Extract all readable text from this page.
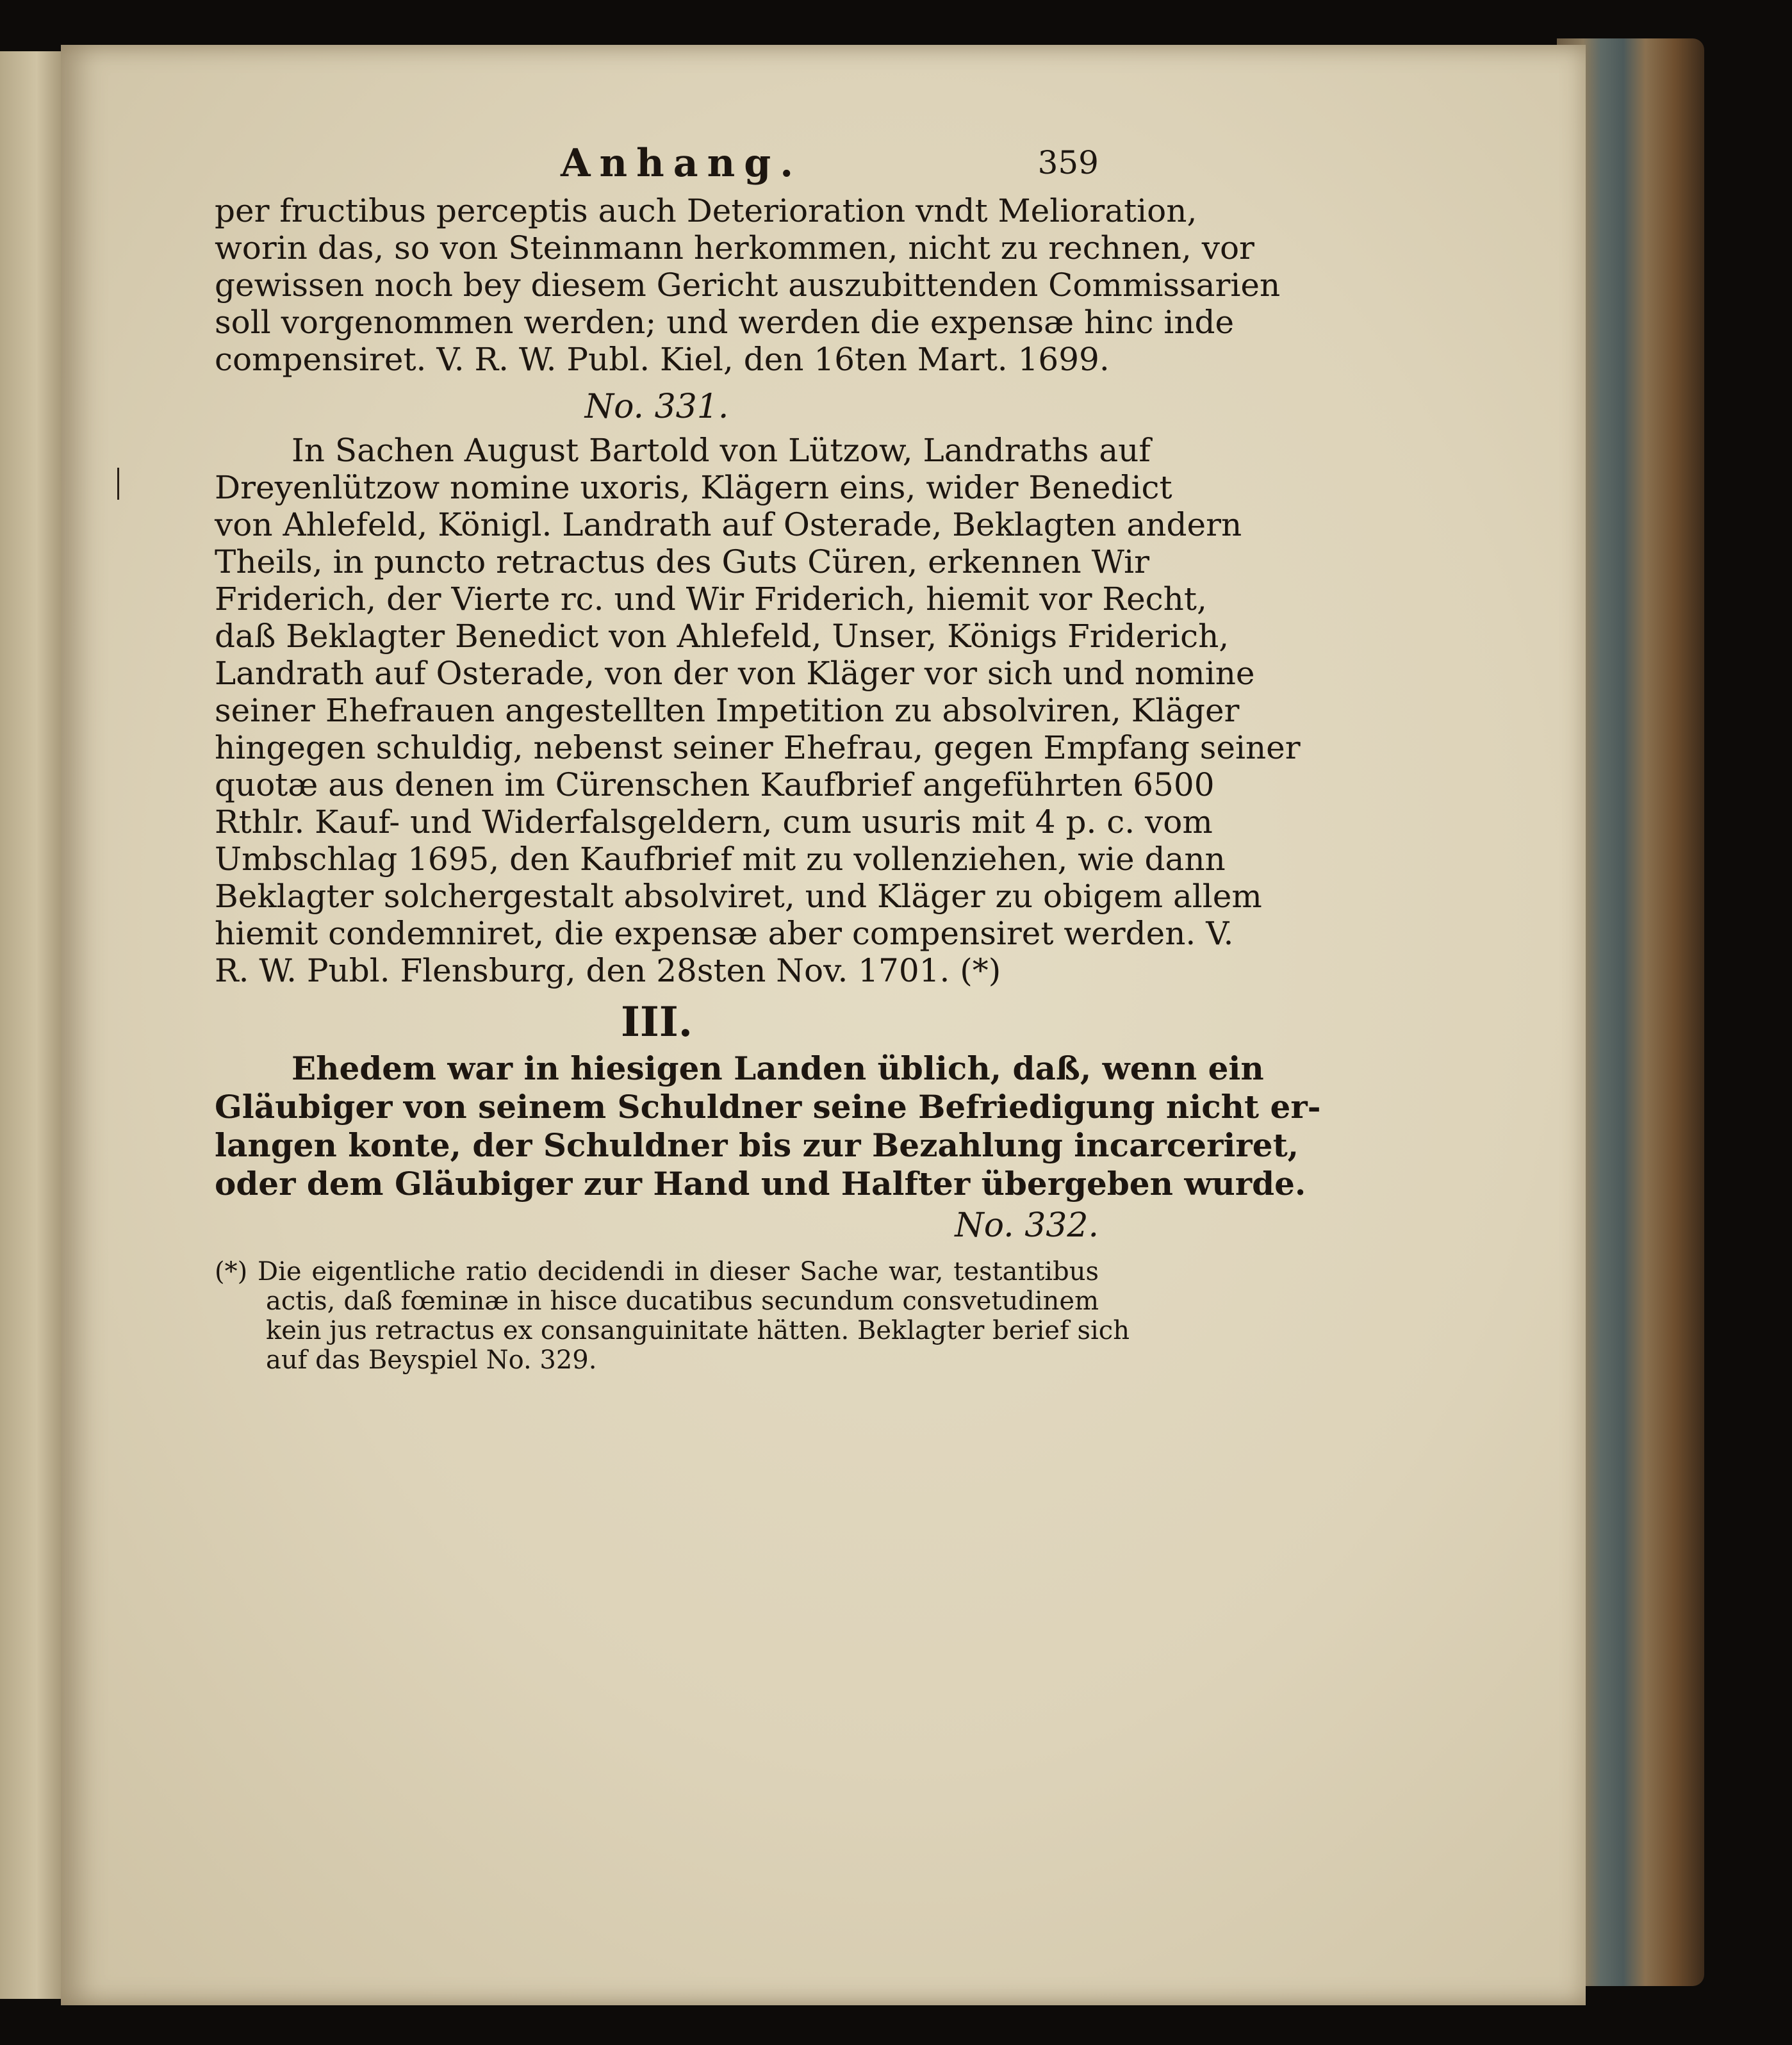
Anhang.	359
per fructibus perceptis auch Deterioration vndt Melioration,
worin das, so von Steinmann herkommen, nicht zu rechnen, vor
gewissen noch bey diesem Gericht auszubittenden Commissarien
soll vorgenommen werden; und werden die expensæ hinc inde
compensiret. V. R. W. Publ. Kiel, den 16ten Mart. 1699.
No. 331.
In Sachen August Bartold von Lützow, Landraths auf
Dreyenlützow nomine uxoris, Klägern eins, wider Benedict
von Ahlefeld, Königl. Landrath auf Osterade, Beklagten andern
Theils, in puncto retractus des Guts Cüren, erkennen Wir
Friderich, der Vierte rc. und Wir Friderich, hiemit vor Recht,
daß Beklagter Benedict von Ahlefeld, Unser, Königs Friderich,
Landrath auf Osterade, von der von Kläger vor sich und nomine
seiner Ehefrauen angestellten Impetition zu absolviren, Kläger
hingegen schuldig, nebenst seiner Ehefrau, gegen Empfang seiner
quotæ aus denen im Cürenschen Kaufbrief angeführten 6500
Rthlr. Kauf- und Widerfalsgeldern, cum usuris mit 4 p. c. vom
Umbschlag 1695, den Kaufbrief mit zu vollenziehen, wie dann
Beklagter solchergestalt absolviret, und Kläger zu obigem allem
hiemit condemniret, die expensæ aber compensiret werden. V.
R. W. Publ. Flensburg, den 28sten Nov. 1701. (*)
III.
Ehedem war in hiesigen Landen üblich, daß, wenn ein
Gläubiger von seinem Schuldner seine Befriedigung nicht er-
langen konte, der Schuldner bis zur Bezahlung incarceriret,
oder dem Gläubiger zur Hand und Halfter übergeben wurde.
No. 332.
(*) Die eigentliche ratio decidendi in dieser Sache war, testantibus
actis, daß fœminæ in hisce ducatibus secundum consvetudinem
kein jus retractus ex consanguinitate hätten. Beklagter berief sich
auf das Beyspiel No. 329.
